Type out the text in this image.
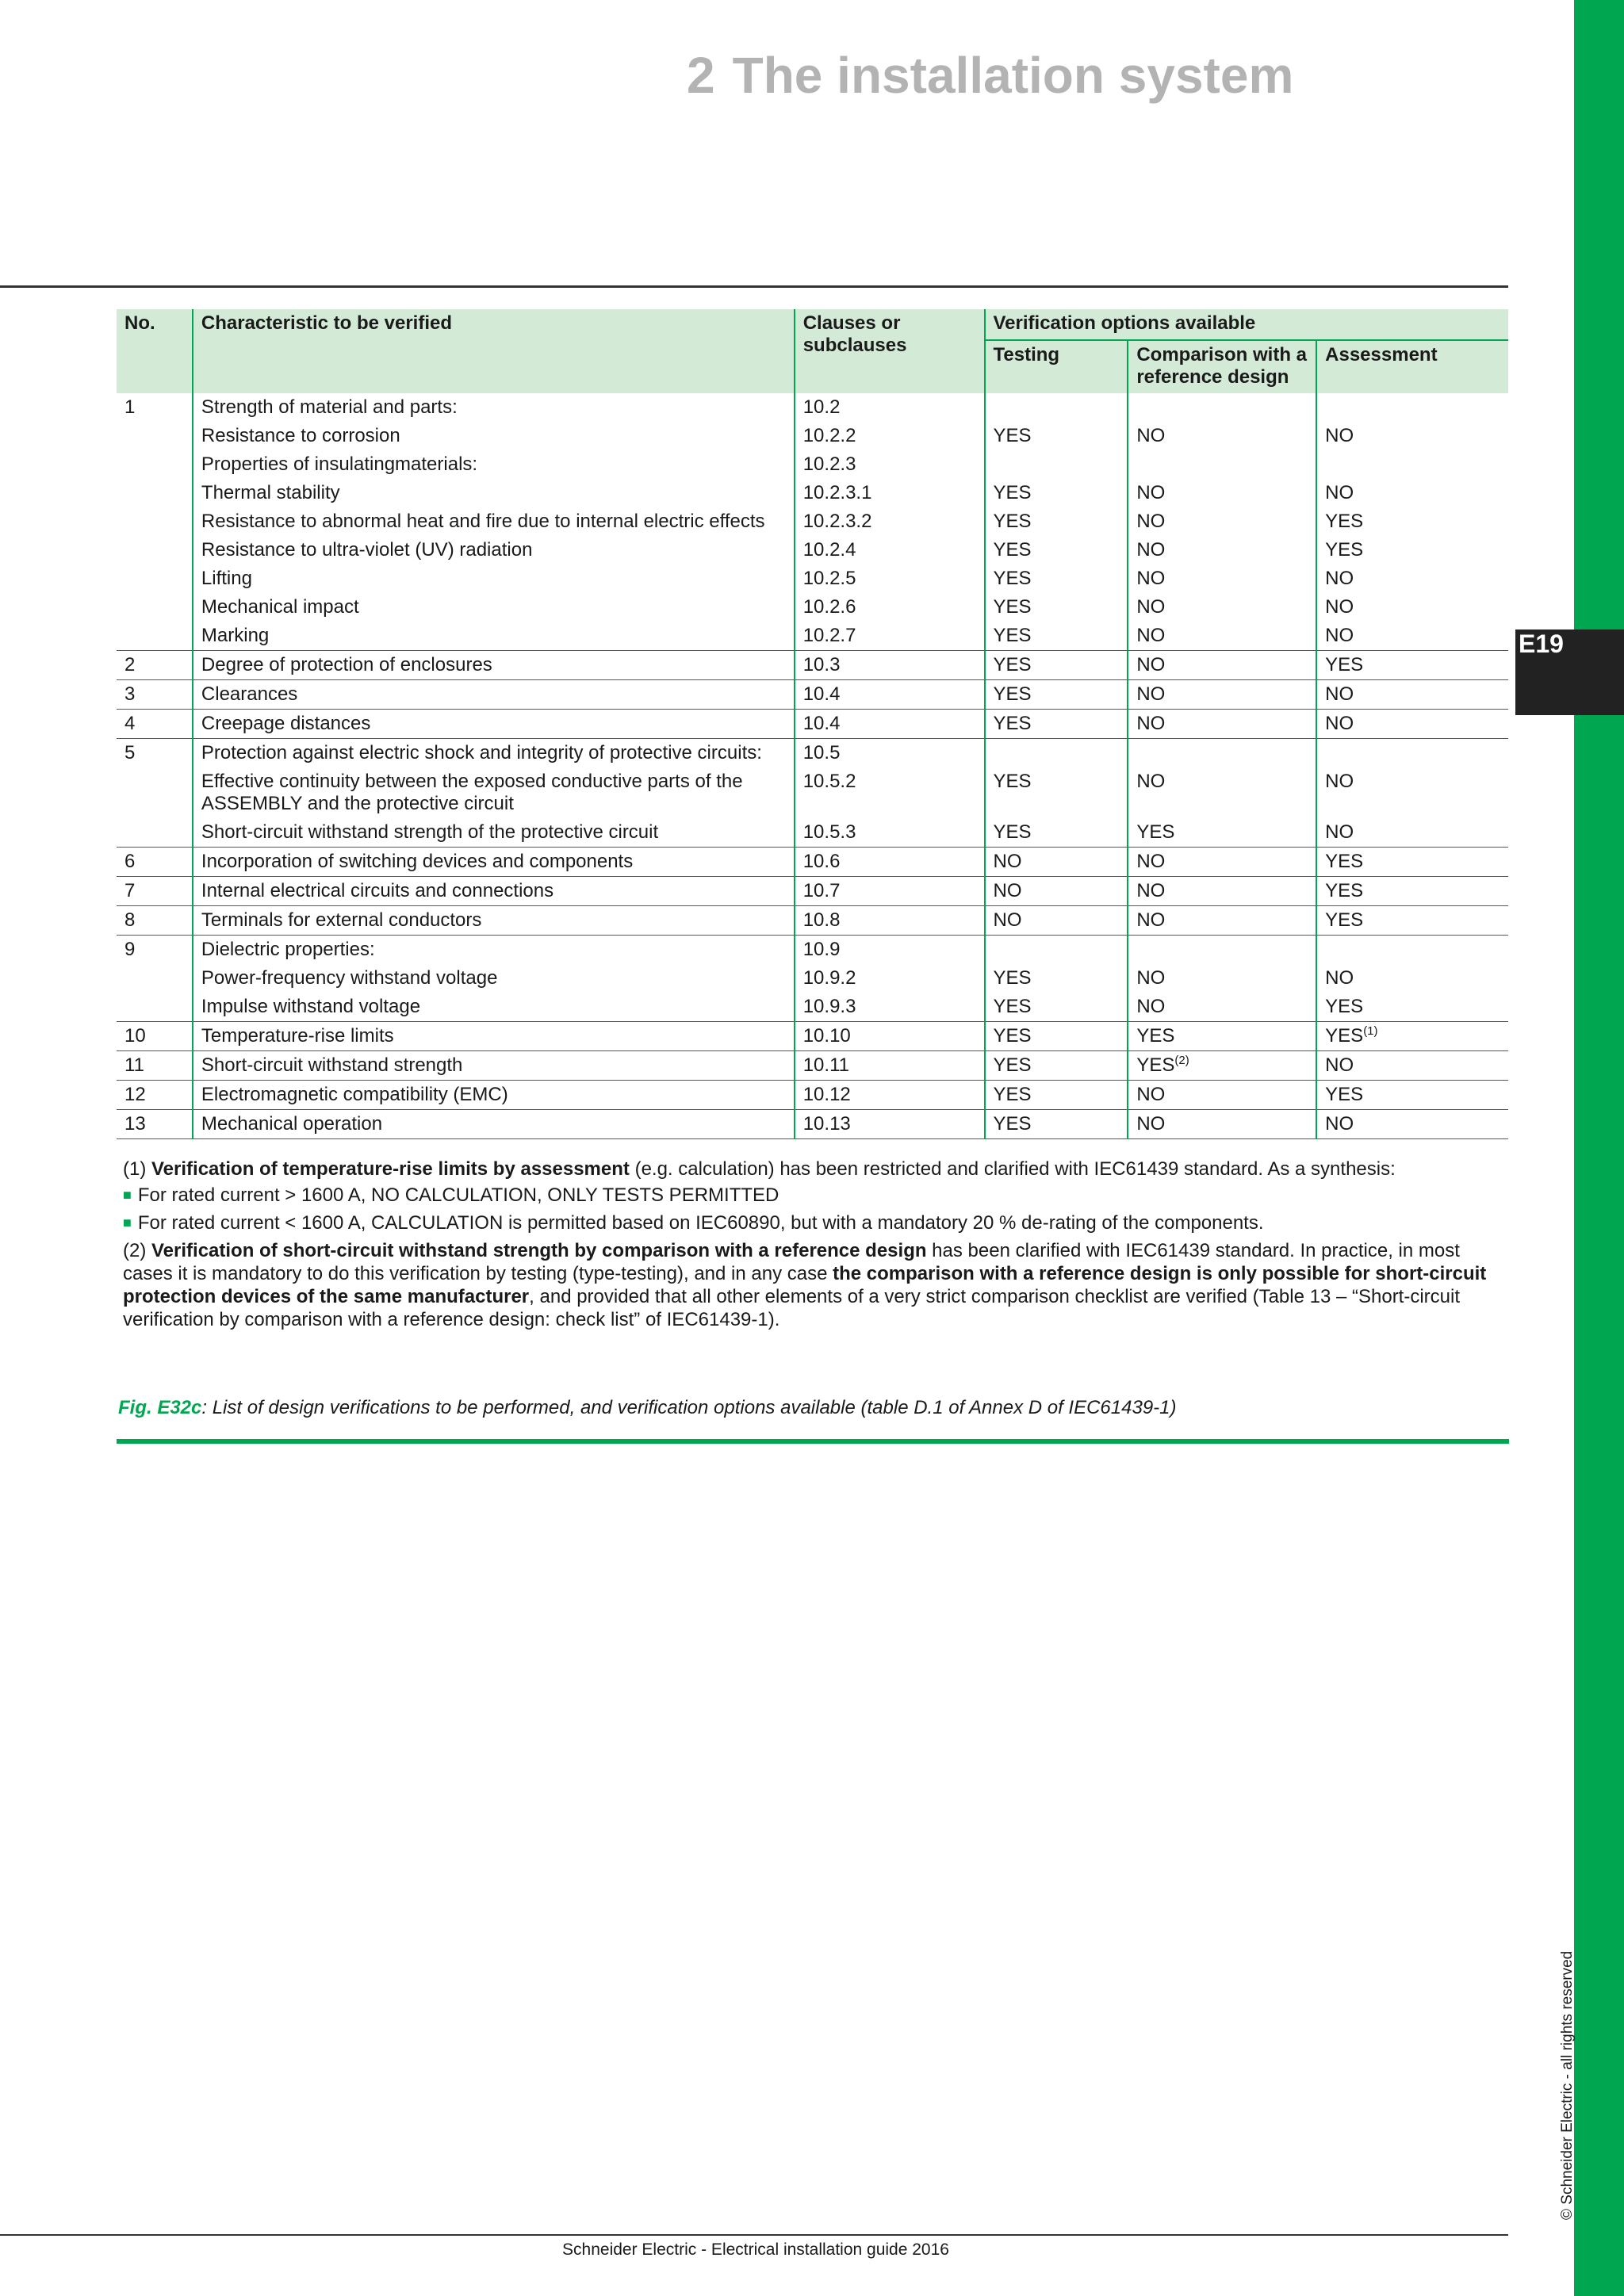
E19
2 The installation system
No.	Characteristic to be verified	Clauses or subclauses	Verification options available		
			Testing	Comparison with a reference design	Assessment
1	Strength of material and parts:	10.2			
	Resistance to corrosion	10.2.2	YES	NO	NO
	Properties of insulatingmaterials:	10.2.3			
	Thermal stability	10.2.3.1	YES	NO	NO
	Resistance to abnormal heat and fire due to internal electric effects	10.2.3.2	YES	NO	YES
	Resistance to ultra-violet (UV) radiation	10.2.4	YES	NO	YES
	Lifting	10.2.5	YES	NO	NO
	Mechanical impact	10.2.6	YES	NO	NO
	Marking	10.2.7	YES	NO	NO
2	Degree of protection of enclosures	10.3	YES	NO	YES
3	Clearances	10.4	YES	NO	NO
4	Creepage distances	10.4	YES	NO	NO
5	Protection against electric shock and integrity of protective circuits:	10.5			
	Effective continuity between the exposed conductive parts of the ASSEMBLY and the protective circuit	10.5.2	YES	NO	NO
	Short-circuit withstand strength of the protective circuit	10.5.3	YES	YES	NO
6	Incorporation of switching devices and components	10.6	NO	NO	YES
7	Internal electrical circuits and connections	10.7	NO	NO	YES
8	Terminals for external conductors	10.8	NO	NO	YES
9	Dielectric properties:	10.9			
	Power-frequency withstand voltage	10.9.2	YES	NO	NO
	Impulse withstand voltage	10.9.3	YES	NO	YES
10	Temperature-rise limits	10.10	YES	YES	YES$^{(1)}$
11	Short-circuit withstand strength	10.11	YES	YES$^{(2)}$	NO
12	Electromagnetic compatibility (EMC)	10.12	YES	NO	YES
13	Mechanical operation	10.13	YES	NO	NO

(1) Verification of temperature-rise limits by assessment (e.g. calculation) has been restricted and clarified with IEC61439 standard. As a synthesis:

■ For rated current > 1600 A, NO CALCULATION, ONLY TESTS PERMITTED

■ For rated current < 1600 A, CALCULATION is permitted based on IEC60890, but with a mandatory 20 % de-rating of the components.

(2) Verification of short-circuit withstand strength by comparison with a reference design has been clarified with IEC61439 standard. In practice, in most cases it is mandatory to do this verification by testing (type-testing), and in any case the comparison with a reference design is only possible for short-circuit protection devices of the same manufacturer, and provided that all other elements of a very strict comparison checklist are verified (Table 13 – “Short-circuit verification by comparison with a reference design: check list” of IEC61439-1).

Fig. E32c: List of design verifications to be performed, and verification options available (table D.1 of Annex D of IEC61439-1)
Schneider Electric - Electrical installation guide 2016
© Schneider Electric - all rights reserved
